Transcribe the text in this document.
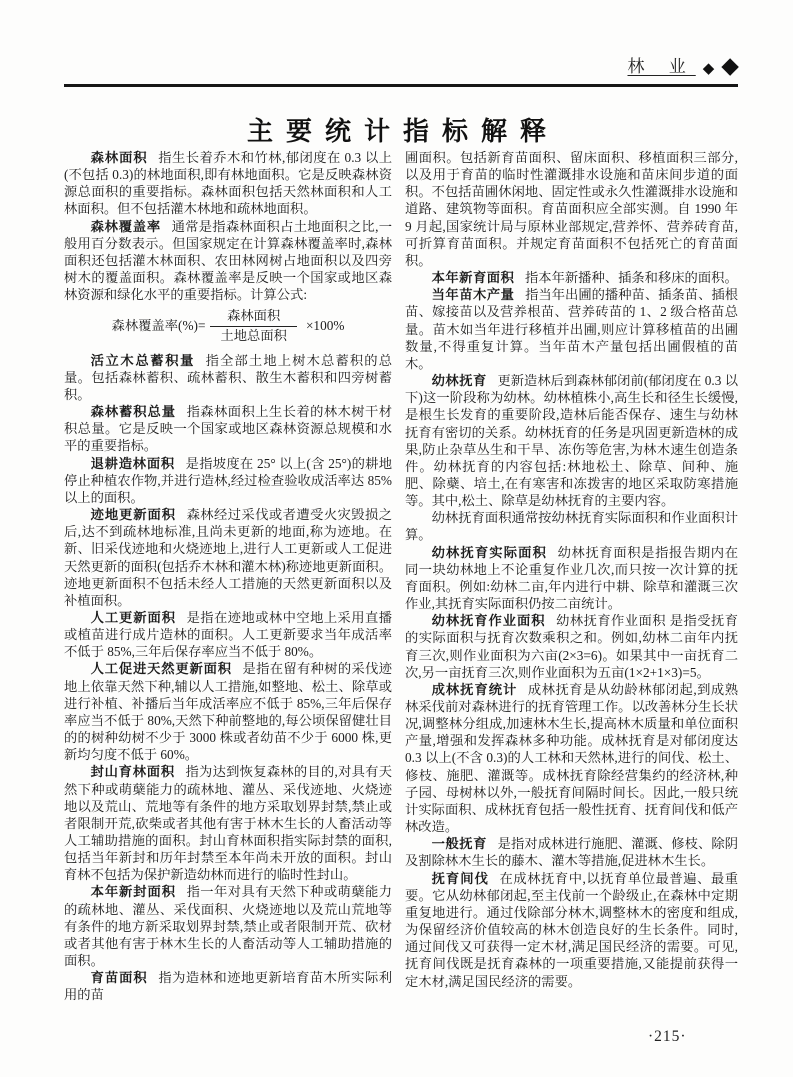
林 业 ◆ ◆
主要统计指标解释

森林面积 指生长着乔木和竹林,郁闭度在 0.3 以上(不包括 0.3)的林地面积,即有林地面积。它是反映森林资源总面积的重要指标。森林面积包括天然林面积和人工林面积。但不包括灌木林地和疏林地面积。

森林覆盖率 通常是指森林面积占土地面积之比,一般用百分数表示。但国家规定在计算森林覆盖率时,森林面积还包括灌木林面积、农田林网树占地面积以及四旁树木的覆盖面积。森林覆盖率是反映一个国家或地区森林资源和绿化水平的重要指标。计算公式:

森林覆盖率(%)= $\frac{\text{森林面积}}{\text{土地总面积}} \times 100\%$

活立木总蓄积量 指全部土地上树木总蓄积的总量。包括森林蓄积、疏林蓄积、散生木蓄积和四旁树蓄积。

森林蓄积总量 指森林面积上生长着的林木树干材积总量。它是反映一个国家或地区森林资源总规模和水平的重要指标。

退耕造林面积 是指坡度在 25° 以上(含 25°)的耕地停止种植农作物,并进行造林,经过检查验收成活率达 85%以上的面积。

迹地更新面积 森林经过采伐或者遭受火灾毁损之后,达不到疏林地标准,且尚未更新的地面,称为迹地。在新、旧采伐迹地和火烧迹地上,进行人工更新或人工促进天然更新的面积(包括乔木林和灌木林)称迹地更新面积。迹地更新面积不包括未经人工措施的天然更新面积以及补植面积。

人工更新面积 是指在迹地或林中空地上采用直播或植苗进行成片造林的面积。人工更新要求当年成活率不低于 85%,三年后保存率应当不低于 80%。

人工促进天然更新面积 是指在留有种树的采伐迹地上依靠天然下种,辅以人工措施,如整地、松土、除草或进行补植、补播后当年成活率应不低于 85%,三年后保存率应当不低于 80%,天然下种前整地的,每公顷保留健壮目的的树种幼树不少于 3000 株或者幼苗不少于 6000 株,更新均匀度不低于 60%。

封山育林面积 指为达到恢复森林的目的,对具有天然下种或萌蘖能力的疏林地、灌丛、采伐迹地、火烧迹地以及荒山、荒地等有条件的地方采取划界封禁,禁止或者限制开荒,砍柴或者其他有害于林木生长的人畜活动等人工辅助措施的面积。封山育林面积指实际封禁的面积,包括当年新封和历年封禁至本年尚未开放的面积。封山育林不包括为保护新造幼林而进行的临时性封山。

本年新封面积 指一年对具有天然下种或萌蘖能力的疏林地、灌丛、采伐面积、火烧迹地以及荒山荒地等有条件的地方新采取划界封禁,禁止或者限制开荒、砍材或者其他有害于林木生长的人畜活动等人工辅助措施的面积。

育苗面积 指为造林和迹地更新培育苗木所实际利用的苗

圃面积。包括新育苗面积、留床面积、移植面积三部分,以及用于育苗的临时性灌溉排水设施和苗床间步道的面积。不包括苗圃休闲地、固定性或永久性灌溉排水设施和道路、建筑物等面积。育苗面积应全部实测。自 1990 年 9 月起,国家统计局与原林业部规定,营养怀、营养砖育苗,可折算育苗面积。并规定育苗面积不包括死亡的育苗面积。

本年新育面积 指本年新播种、插条和移床的面积。

当年苗木产量 指当年出圃的播种苗、插条苗、插根苗、嫁接苗以及营养根苗、营养砖苗的 1、2 级合格苗总量。苗木如当年进行移植并出圃,则应计算移植苗的出圃数量,不得重复计算。当年苗木产量包括出圃假植的苗木。

幼林抚育 更新造林后到森林郁闭前(郁闭度在 0.3 以下)这一阶段称为幼林。幼林植株小,高生长和径生长缓慢,是根生长发育的重要阶段,造林后能否保存、速生与幼林抚育有密切的关系。幼林抚育的任务是巩固更新造林的成果,防止杂草丛生和干旱、冻伤等危害,为林木速生创造条件。幼林抚育的内容包括:林地松土、除草、间种、施肥、除蘗、培土,在有寒害和冻拨害的地区采取防寒措施等。其中,松土、除草是幼林抚育的主要内容。

幼林抚育面积通常按幼林抚育实际面积和作业面积计算。

幼林抚育实际面积 幼林抚育面积是指报告期内在同一块幼林地上不论重复作业几次,而只按一次计算的抚育面积。例如:幼林二亩,年内进行中耕、除草和灌溉三次作业,其抚育实际面积仍按二亩统计。

幼林抚育作业面积 幼林抚育作业面积 是指受抚育的实际面积与抚育次数乘积之和。例如,幼林二亩年内抚育三次,则作业面积为六亩(2×3=6)。如果其中一亩抚育二次,另一亩抚育三次,则作业面积为五亩(1×2+1×3)=5。

成林抚育统计 成林抚育是从幼龄林郁闭起,到成熟林采伐前对森林进行的抚育管理工作。以改善林分生长状况,调整林分组成,加速林木生长,提高林木质量和单位面积产量,增强和发挥森林多种功能。成林抚育是对郁闭度达 0.3 以上(不含 0.3)的人工林和天然林,进行的间伐、松土、修枝、施肥、灌溉等。成林抚育除经营集约的经济林,种子园、母树林以外,一般抚育间隔时间长。因此,一般只统计实际面积、成林抚育包括一般性抚育、抚育间伐和低产林改造。

一般抚育 是指对成林进行施肥、灌溉、修枝、除阴及割除林木生长的藤木、灌木等措施,促进林木生长。

抚育间伐 在成林抚育中,以抚育单位最普遍、最重要。它从幼林郁闭起,至主伐前一个龄级止,在森林中定期重复地进行。通过伐除部分林木,调整林木的密度和组成,为保留经济价值较高的林木创造良好的生长条件。同时,通过间伐又可获得一定木材,满足国民经济的需要。可见,抚育间伐既是抚育森林的一项重要措施,又能提前获得一定木材,满足国民经济的需要。

·215·
